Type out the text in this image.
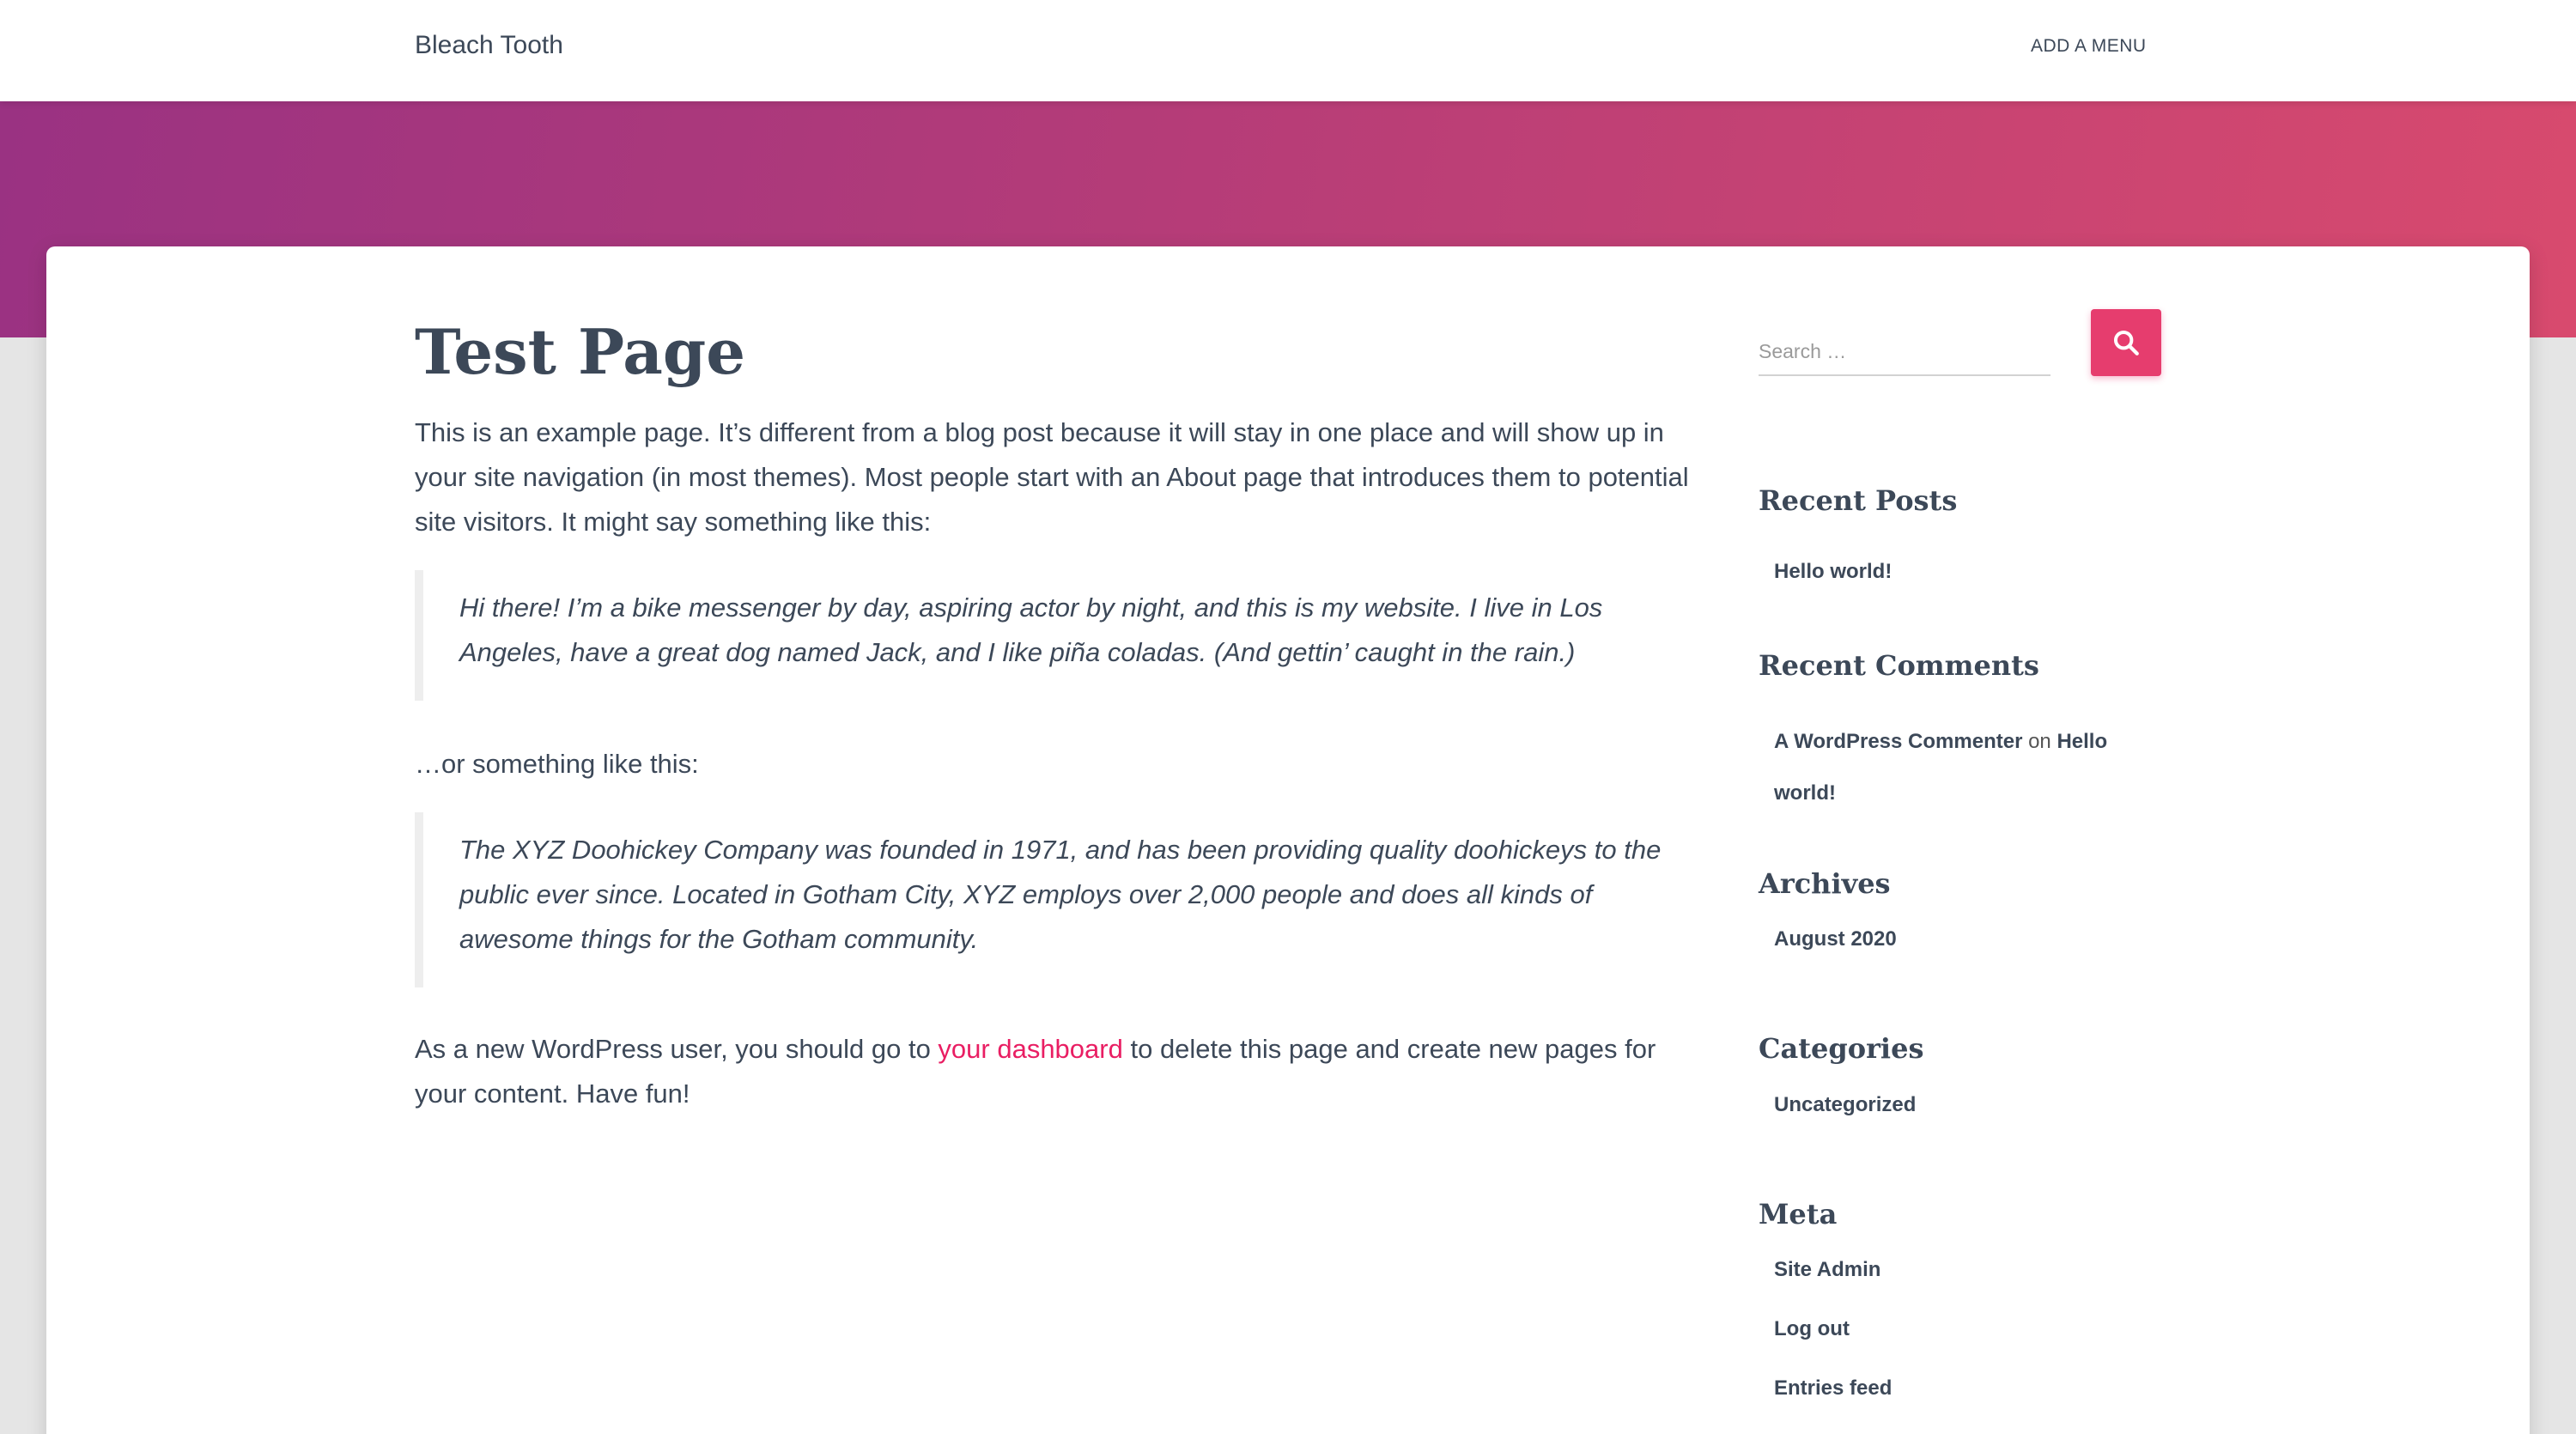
Bleach Tooth	ADD A MENU
Test Page

This is an example page. It’s different from a blog post because it will stay in one place and will show up in your site navigation (in most themes). Most people start with an About page that introduces them to potential site visitors. It might say something like this:

Hi there! I’m a bike messenger by day, aspiring actor by night, and this is my website. I live in Los Angeles, have a great dog named Jack, and I like piña coladas. (And gettin’ caught in the rain.)

…or something like this:

The XYZ Doohickey Company was founded in 1971, and has been providing quality doohickeys to the public ever since. Located in Gotham City, XYZ employs over 2,000 people and does all kinds of awesome things for the Gotham community.

As a new WordPress user, you should go to your dashboard to delete this page and create new pages for your content. Have fun!

Search …
Recent Posts
Hello world!
Recent Comments
A WordPress Commenter on Hello world!
Archives
August 2020
Categories
Uncategorized
Meta
Site Admin
Log out
Entries feed
